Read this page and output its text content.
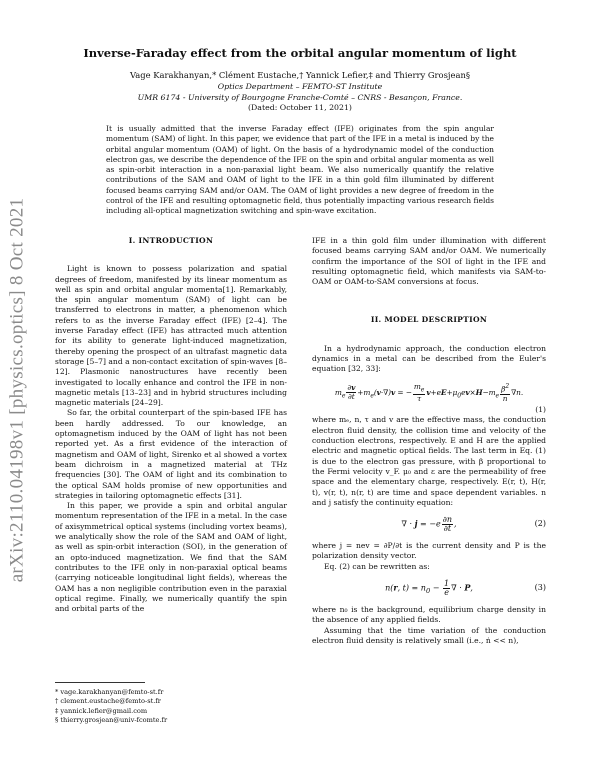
arXiv:2110.04198v1 [physics.optics] 8 Oct 2021
Inverse-Faraday effect from the orbital angular momentum of light
Vage Karakhanyan,* Clément Eustache,† Yannick Lefier,‡ and Thierry Grosjean§
Optics Department – FEMTO-ST Institute
UMR 6174 - University of Bourgogne Franche-Comté – CNRS - Besançon, France.
(Dated: October 11, 2021)
It is usually admitted that the inverse Faraday effect (IFE) originates from the spin angular momentum (SAM) of light. In this paper, we evidence that part of the IFE in a metal is induced by the orbital angular momentum (OAM) of light. On the basis of a hydrodynamic model of the conduction electron gas, we describe the dependence of the IFE on the spin and orbital angular momenta as well as spin-orbit interaction in a non-paraxial light beam. We also numerically quantify the relative contributions of the SAM and OAM of light to the IFE in a thin gold film illuminated by different focused beams carrying SAM and/or OAM. The OAM of light provides a new degree of freedom in the control of the IFE and resulting optomagnetic field, thus potentially impacting various research fields including all-optical magnetization switching and spin-wave excitation.
I. INTRODUCTION

Light is known to possess polarization and spatial degrees of freedom, manifested by its linear momentum as well as spin and orbital angular momenta[1]. Remarkably, the spin angular momentum (SAM) of light can be transferred to electrons in matter, a phenomenon which refers to as the inverse Faraday effect (IFE) [2–4]. The inverse Faraday effect (IFE) has attracted much attention for its ability to generate light-induced magnetization, thereby opening the prospect of an ultrafast magnetic data storage [5–7] and a non-contact excitation of spin-waves [8–12]. Plasmonic nanostructures have recently been investigated to locally enhance and control the IFE in non-magnetic metals [13–23] and in hybrid structures including magnetic materials [24–29].

So far, the orbital counterpart of the spin-based IFE has been hardly addressed. To our knowledge, an optomagnetism induced by the OAM of light has not been reported yet. As a first evidence of the interaction of magnetism and OAM of light, Sirenko et al showed a vortex beam dichroism in a magnetized material at THz frequencies [30]. The OAM of light and its combination to the optical SAM holds promise of new opportunities and strategies in tailoring optomagnetic effects [31].

In this paper, we provide a spin and orbital angular momentum representation of the IFE in a metal. In the case of axisymmetrical optical systems (including vortex beams), we analytically show the role of the SAM and OAM of light, as well as spin-orbit interaction (SOI), in the generation of an opto-induced magnetization. We find that the SAM contributes to the IFE only in non-paraxial optical beams (carrying noticeable longitudinal light fields), whereas the OAM has a non negligible contribution even in the paraxial optical regime. Finally, we numerically quantify the spin and orbital parts of the

IFE in a thin gold film under illumination with different focused beams carrying SAM and/or OAM. We numerically confirm the importance of the SOI of light in the IFE and resulting optomagnetic field, which manifests via SAM-to-OAM or OAM-to-SAM conversions at focus.

II. MODEL DESCRIPTION

In a hydrodynamic approach, the conduction electron dynamics in a metal can be described from the Euler's equation [32, 33]:

$m_e \frac{\partial v}{\partial t} +m_e(v\cdot\nabla)v$ = − $\frac{m_e}{\tau} v+eE+\mu_0ev\times H-m_e \frac{\beta^2}{n} \nabla n$.
(1)

where mₑ, n, τ and v are the effective mass, the conduction electron fluid density, the collision time and velocity of the conduction electrons, respectively. E and H are the applied electric and magnetic optical fields. The last term in Eq. (1) is due to the electron gas pressure, with β proportional to the Fermi velocity v_F. μ₀ and ε are the permeability of free space and the elementary charge, respectively. E(r, t), H(r, t), v(r, t), n(r, t) are time and space dependent variables. n and j satisfy the continuity equation:

∇ · $j = -e \frac{\partial n}{\partial t}$ ,	(2)

where j = nev = ∂P/∂t is the current density and P is the polarization density vector.

Eq. (2) can be rewritten as:

n(r, $t) = n_0 - \frac{1}{e}$ ∇ · P,	(3)

where n₀ is the background, equilibrium charge density in the absence of any applied fields.

Assuming that the time variation of the conduction electron fluid density is relatively small (i.e., ṅ << n),

* vage.karakhanyan@femto-st.fr
† clement.eustache@femto-st.fr
‡ yannick.lefier@gmail.com
§ thierry.grosjean@univ-fcomte.fr
